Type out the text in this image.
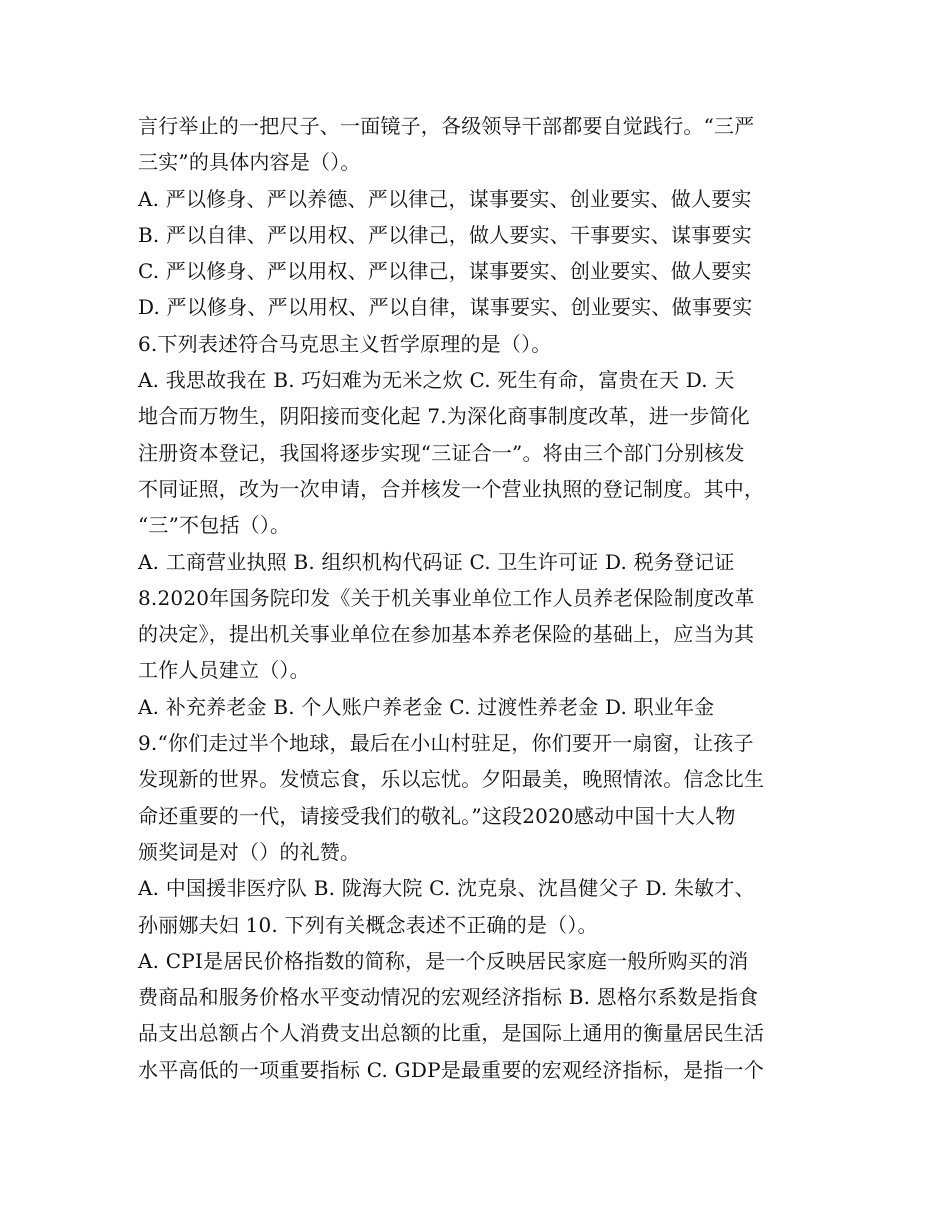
言行举止的一把尺子、一面镜子，各级领导干部都要自觉践行。“三严
三实”的具体内容是（）。
A. 严以修身、严以养德、严以律己，谋事要实、创业要实、做人要实
B. 严以自律、严以用权、严以律己，做人要实、干事要实、谋事要实
C. 严以修身、严以用权、严以律己，谋事要实、创业要实、做人要实
D. 严以修身、严以用权、严以自律，谋事要实、创业要实、做事要实
6.下列表述符合马克思主义哲学原理的是（）。
A. 我思故我在 B. 巧妇难为无米之炊 C. 死生有命，富贵在天 D. 天
地合而万物生，阴阳接而变化起 7.为深化商事制度改革，进一步简化
注册资本登记，我国将逐步实现“三证合一”。将由三个部门分别核发
不同证照，改为一次申请，合并核发一个营业执照的登记制度。其中，
“三”不包括（）。
A. 工商营业执照 B. 组织机构代码证 C. 卫生许可证 D. 税务登记证
8.2020年国务院印发《关于机关事业单位工作人员养老保险制度改革
的决定》，提出机关事业单位在参加基本养老保险的基础上，应当为其
工作人员建立（）。
A. 补充养老金 B. 个人账户养老金 C. 过渡性养老金 D. 职业年金
9.“你们走过半个地球，最后在小山村驻足，你们要开一扇窗，让孩子
发现新的世界。发愤忘食，乐以忘忧。夕阳最美，晚照情浓。信念比生
命还重要的一代，请接受我们的敬礼。”这段2020感动中国十大人物
颁奖词是对（）的礼赞。
A. 中国援非医疗队 B. 陇海大院 C. 沈克泉、沈昌健父子 D. 朱敏才、
孙丽娜夫妇 10. 下列有关概念表述不正确的是（）。
A. CPI是居民价格指数的简称，是一个反映居民家庭一般所购买的消
费商品和服务价格水平变动情况的宏观经济指标 B. 恩格尔系数是指食
品支出总额占个人消费支出总额的比重，是国际上通用的衡量居民生活
水平高低的一项重要指标 C. GDP是最重要的宏观经济指标，是指一个
